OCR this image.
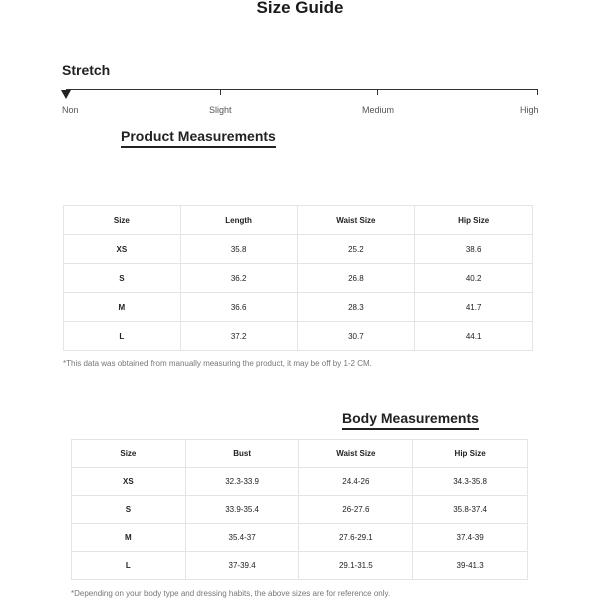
Size Guide
Stretch
Non	Slight	Medium	High
Product Measurements
Size	Length	Waist Size	Hip Size
XS	35.8	25.2	38.6
S	36.2	26.8	40.2
M	36.6	28.3	41.7
L	37.2	30.7	44.1
*This data was obtained from manually measuring the product, it may be off by 1-2 CM.
Body Measurements
Size	Bust	Waist Size	Hip Size
XS	32.3-33.9	24.4-26	34.3-35.8
S	33.9-35.4	26-27.6	35.8-37.4
M	35.4-37	27.6-29.1	37.4-39
L	37-39.4	29.1-31.5	39-41.3
*Depending on your body type and dressing habits, the above sizes are for reference only.
